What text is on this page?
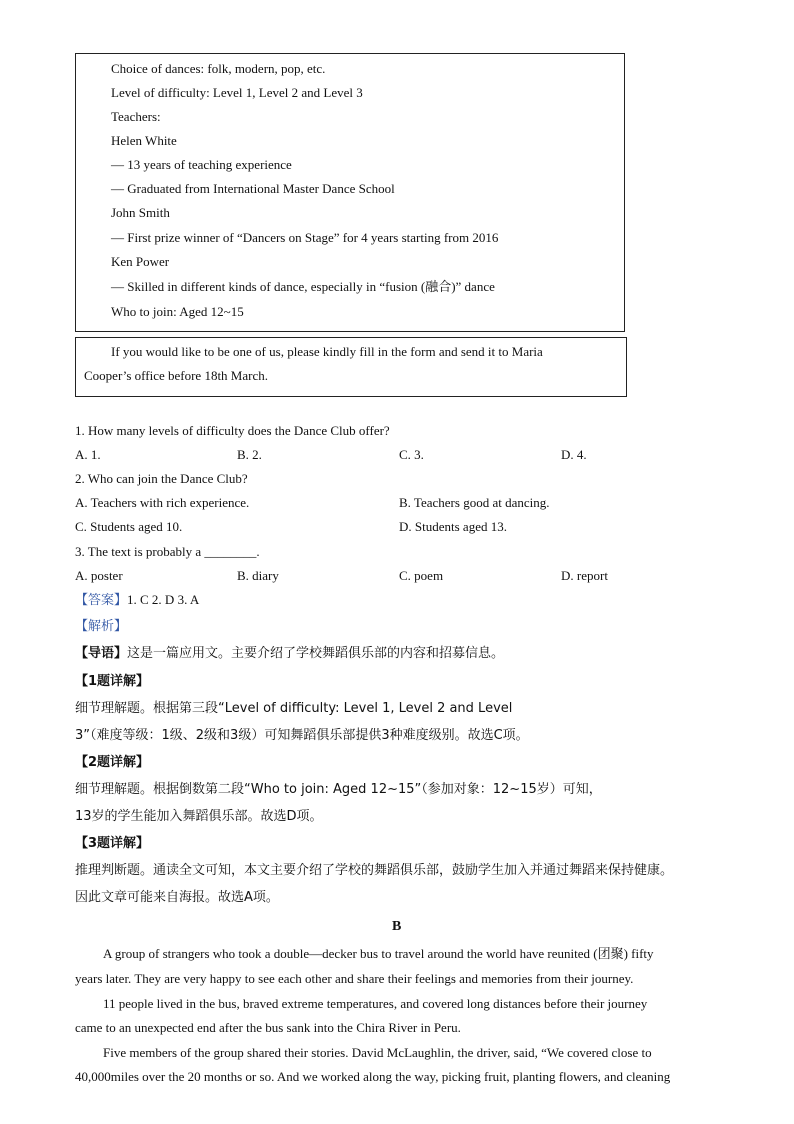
Choice of dances: folk, modern, pop, etc.
Level of difficulty: Level 1, Level 2 and Level 3
Teachers:
Helen White
— 13 years of teaching experience
— Graduated from International Master Dance School
John Smith
— First prize winner of “Dancers on Stage” for 4 years starting from 2016
Ken Power
— Skilled in different kinds of dance, especially in “fusion (融合)” dance
Who to join: Aged 12~15
If you would like to be one of us, please kindly fill in the form and send it to Maria
Cooper’s office before 18th March.
1. How many levels of difficulty does the Dance Club offer?
A. 1.	B. 2.	C. 3.	D. 4.
2. Who can join the Dance Club?
A. Teachers with rich experience.	B. Teachers good at dancing.
C. Students aged 10.	D. Students aged 13.
3. The text is probably a ________.
A. poster	B. diary	C. poem	D. report
【答案】1. C 2. D 3. A
【解析】
【导语】这是一篇应用文。主要介绍了学校舞蹈俱乐部的内容和招募信息。
【1题详解】
细节理解题。根据第三段“Level of difficulty: Level 1, Level 2 and Level
3”（难度等级：1级、2级和3级）可知舞蹈俱乐部提供3种难度级别。故选C项。
【2题详解】
细节理解题。根据倒数第二段“Who to join: Aged 12~15”（参加对象：12~15岁）可知，
13岁的学生能加入舞蹈俱乐部。故选D项。
【3题详解】
推理判断题。通读全文可知，本文主要介绍了学校的舞蹈俱乐部，鼓励学生加入并通过舞蹈来保持健康。
因此文章可能来自海报。故选A项。
B
A group of strangers who took a double—decker bus to travel around the world have reunited (团聚) fifty
years later. They are very happy to see each other and share their feelings and memories from their journey.
11 people lived in the bus, braved extreme temperatures, and covered long distances before their journey
came to an unexpected end after the bus sank into the Chira River in Peru.
Five members of the group shared their stories. David McLaughlin, the driver, said, “We covered close to
40,000miles over the 20 months or so. And we worked along the way, picking fruit, planting flowers, and cleaning
